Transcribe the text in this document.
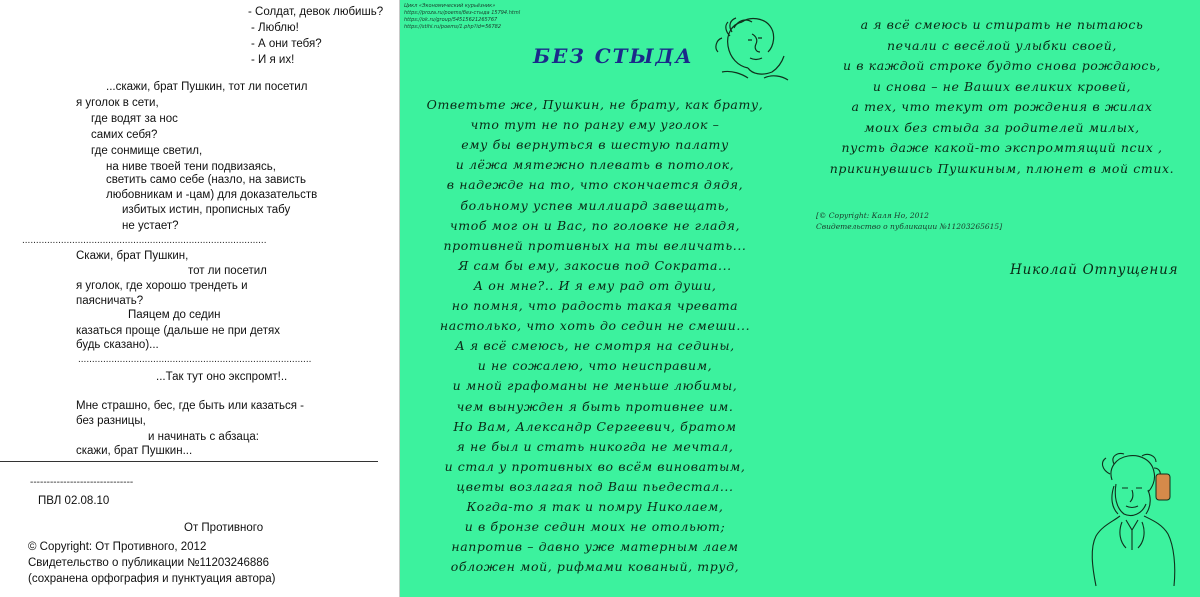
- Солдат, девок любишь?
- Люблю!
- А они тебя?
- И я их!
...скажи, брат Пушкин, тот ли посетил
я уголок в сети,
где водят за нос
самих себя?
где сонмище светил,
на ниве твоей тени подвизаясь,
светить само себе (назло, на зависть
любовникам и -цам) для доказательств
избитых истин, прописных табу
не устает?
........................................................................................
Скажи, брат Пушкин,
тот ли посетил
я уголок, где хорошо трендеть и
паясничать?
Паяцем до седин
казаться проще (дальше не при детях
будь сказано)...
....................................................................................
...Так тут оно экспромт!..
Мне страшно, бес, где быть или казаться -
без разницы,
и начинать с абзаца:
скажи, брат Пушкин...
-------------------------------
ПВЛ 02.08.10
От Противного
© Copyright: От Противного, 2012
Свидетельство о публикации №11203246886
(сохранена орфография и пунктуация автора)
Цикл «Экономический курьёзник»
https://proza.ru/poems/без-стыда 15794.html
https://ok.ru/group/54515621265767
https://stihi.ru/poems/1.php?id=56782
БЕЗ СТЫДА
Ответьте же, Пушкин, не брату, как брату,
что тут не по рангу ему уголок –
ему бы вернуться в шестую палату
и лёжа мятежно плевать в потолок,
в надежде на то, что скончается дядя,
больному успев миллиард завещать,
чтоб мог он и Вас, по головке не гладя,
противней противных на ты величать...
Я сам бы ему, закосив под Сократа...
А он мне?.. И я ему рад от души,
но помня, что радость такая чревата
настолько, что хоть до седин не смеши...
А я всё смеюсь, не смотря на седины,
и не сожалею, что неисправим,
и мной графоманы не меньше любимы,
чем вынужден я быть противнее им.
Но Вам, Александр Сергеевич, братом
я не был и стать никогда не мечтал,
и стал у противных во всём виноватым,
цветы возлагая под Ваш пьедестал...
Когда-то я так и помру Николаем,
и в бронзе седин моих не отольют;
напротив – давно уже матерным лаем
обложен мой, рифмами кованый, труд,
а я всё смеюсь и стирать не пытаюсь
печали с весёлой улыбки своей,
и в каждой строке будто снова рождаюсь,
и снова – не Ваших великих кровей,
а тех, что текут от рождения в жилах
моих без стыда за родителей милых,
пусть даже какой-то экспромтящий псих ,
прикинувшись Пушкиным, плюнет в мой стих.
[© Copyright: Каля Но, 2012
Свидетельство о публикации №11203265615]
Николай Отпущения
